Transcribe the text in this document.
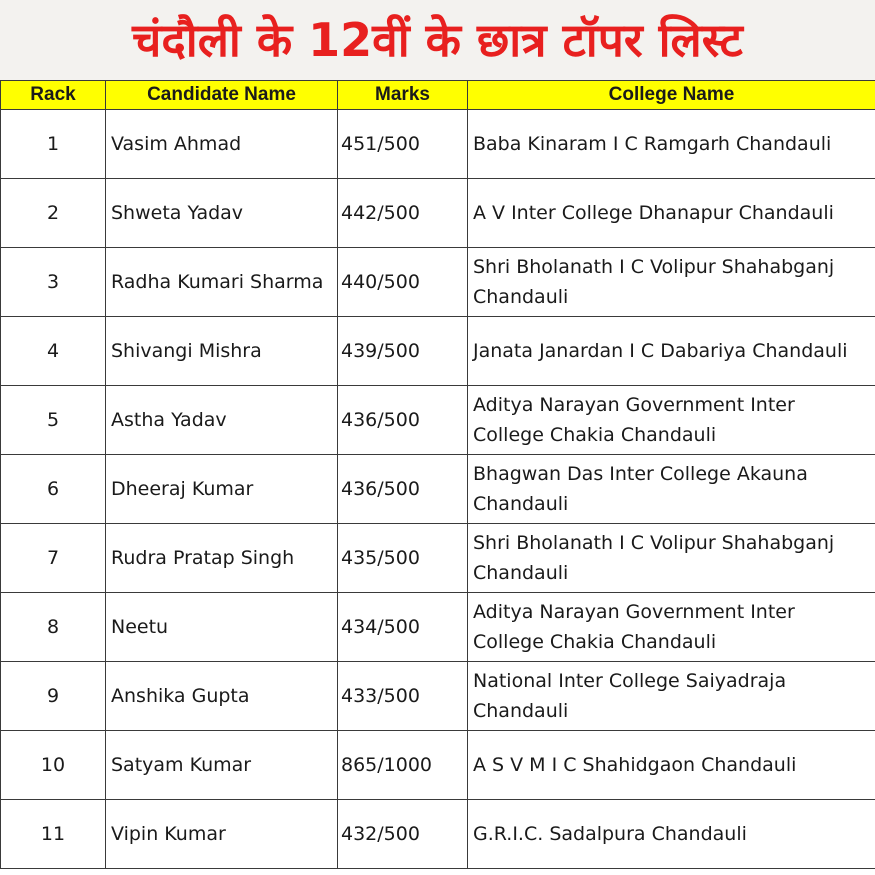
चंदौली के 12वीं के छात्र टॉपर लिस्ट
Rack	Candidate Name	Marks	College Name
1	Vasim Ahmad	451/500	Baba Kinaram I C Ramgarh Chandauli
2	Shweta Yadav	442/500	A V Inter College Dhanapur Chandauli
3	Radha Kumari Sharma	440/500	Shri Bholanath I C Volipur Shahabganj Chandauli
4	Shivangi Mishra	439/500	Janata Janardan I C Dabariya Chandauli
5	Astha Yadav	436/500	Aditya Narayan Government Inter College Chakia Chandauli
6	Dheeraj Kumar	436/500	Bhagwan Das Inter College Akauna Chandauli
7	Rudra Pratap Singh	435/500	Shri Bholanath I C Volipur Shahabganj Chandauli
8	Neetu	434/500	Aditya Narayan Government Inter College Chakia Chandauli
9	Anshika Gupta	433/500	National Inter College Saiyadraja Chandauli
10	Satyam Kumar	865/1000	A S V M I C Shahidgaon Chandauli
11	Vipin Kumar	432/500	G.R.I.C. Sadalpura Chandauli
